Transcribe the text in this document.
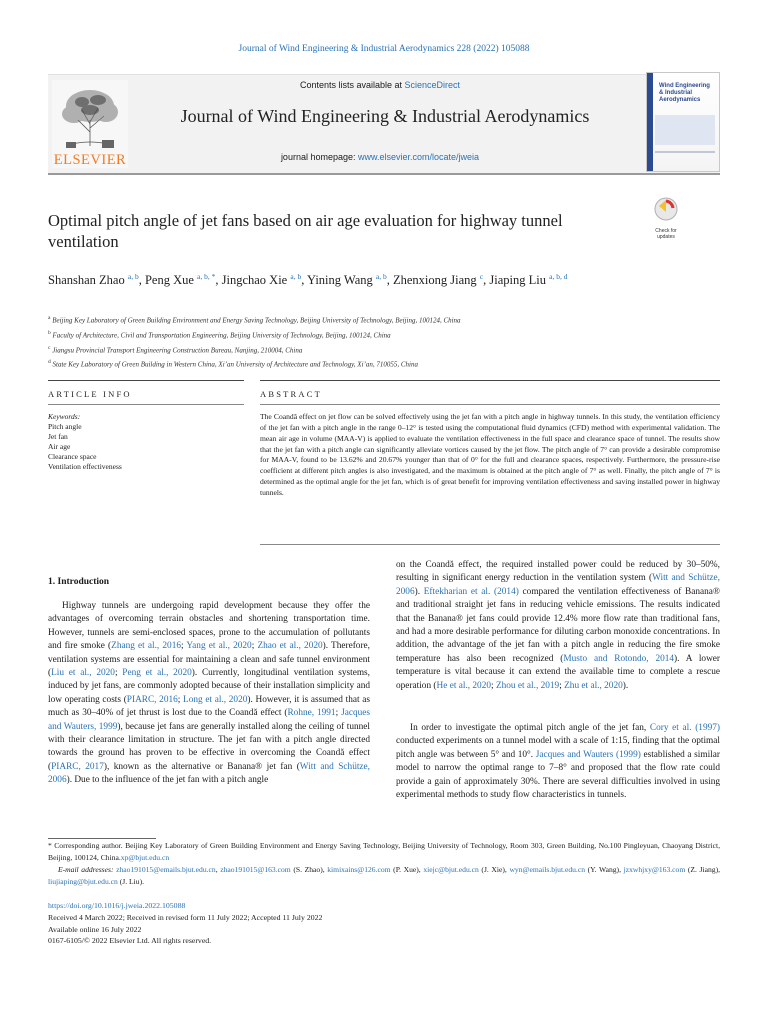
Journal of Wind Engineering & Industrial Aerodynamics 228 (2022) 105088
ELSEVIER
Contents lists available at ScienceDirect
Journal of Wind Engineering & Industrial Aerodynamics
journal homepage: www.elsevier.com/locate/jweia
Wind Engineering & Industrial Aerodynamics
Optimal pitch angle of jet fans based on air age evaluation for highway tunnel ventilation
Check for updates
Shanshan Zhao $^{a, b}$, Peng Xue $^{a, b, *}$, Jingchao Xie $^{a, b}$, Yining Wang $^{a, b}$, Zhenxiong Jiang $^c$, Jiaping Liu $^{a, b, d}$
$^a$ Beijing Key Laboratory of Green Building Environment and Energy Saving Technology, Beijing University of Technology, Beijing, 100124, China
$^b$ Faculty of Architecture, Civil and Transportation Engineering, Beijing University of Technology, Beijing, 100124, China
$^c$ Jiangsu Provincial Transport Engineering Construction Bureau, Nanjing, 210004, China
$^d$ State Key Laboratory of Green Building in Western China, Xi’an University of Architecture and Technology, Xi’an, 710055, China
ARTICLE INFO	ABSTRACT
Keywords:
Pitch angle
Jet fan
Air age
Clearance space
Ventilation effectiveness

The Coandă effect on jet flow can be solved effectively using the jet fan with a pitch angle in highway tunnels. In this study, the ventilation efficiency of the jet fan with a pitch angle in the range 0–12° is tested using the computational fluid dynamics (CFD) method with experimental validation. The mean air age in volume (MAA-V) is applied to evaluate the ventilation effectiveness in the full space and clearance space of tunnel. The results show that the jet fan with a pitch angle can significantly alleviate vortices caused by the jet flow. The pitch angle of 7° can provide a desirable compromise for MAA-V, found to be 13.62% and 20.67% younger than that of 0° for the full and clearance spaces, respectively. Furthermore, the pressure-rise coefficient at different pitch angles is also investigated, and the maximum is obtained at the pitch angle of 7° as well. Finally, the pitch angle of 7° is determined as the optimal angle for the jet fan, which is of great benefit for improving ventilation effectiveness and saving installed power in highway tunnels.

1. Introduction

Highway tunnels are undergoing rapid development because they offer the advantages of overcoming terrain obstacles and shortening transportation time. However, tunnels are semi-enclosed spaces, prone to the accumulation of pollutants and fire smoke (Zhang et al., 2016; Yang et al., 2020; Zhao et al., 2020). Therefore, ventilation systems are essential for maintaining a clean and safe tunnel environment (Liu et al., 2020; Peng et al., 2020). Currently, longitudinal ventilation systems, induced by jet fans, are commonly adopted because of their installation simplicity and low operating costs (PIARC, 2016; Long et al., 2020). However, it is assumed that as much as 30–40% of jet thrust is lost due to the Coandă effect (Rohne, 1991; Jacques and Wauters, 1999), because jet fans are generally installed along the ceiling of tunnel with their clearance limitation in structure. The jet fan with a pitch angle directed towards the ground has proven to be effective in overcoming the Coandă effect (PIARC, 2017), known as the alternative or Banana® jet fan (Witt and Schütze, 2006). Due to the influence of the jet fan with a pitch angle

on the Coandă effect, the required installed power could be reduced by 30–50%, resulting in significant energy reduction in the ventilation system (Witt and Schütze, 2006). Eftekharian et al. (2014) compared the ventilation effectiveness of Banana® and traditional straight jet fans in reducing vehicle emissions. The results indicated that the Banana® jet fans could provide 12.4% more flow rate than traditional fans, and had a more desirable performance for diluting carbon monoxide concentrations. In addition, the advantage of the jet fan with a pitch angle in reducing the fire smoke temperature has also been recognized (Musto and Rotondo, 2014). A lower temperature is vital because it can extend the available time to complete a rescue operation (He et al., 2020; Zhou et al., 2019; Zhu et al., 2020).

In order to investigate the optimal pitch angle of the jet fan, Cory et al. (1997) conducted experiments on a tunnel model with a scale of 1:15, finding that the optimal pitch angle was between 5° and 10°. Jacques and Wauters (1999) established a similar model to narrow the optimal range to 7–8° and proposed that the flow rate could provide a gain of approximately 30%. There are several difficulties involved in using experimental methods to study flow characteristics in tunnels.

* Corresponding author. Beijing Key Laboratory of Green Building Environment and Energy Saving Technology, Beijing University of Technology, Room 303, Green Building, No.100 Pingleyuan, Chaoyang District, Beijing, 100124, China.xp@bjut.edu.cn
E-mail addresses: zhao191015@emails.bjut.edu.cn, zhao191015@163.com (S. Zhao), kimixains@126.com (P. Xue), xiejc@bjut.edu.cn (J. Xie), wyn@emails.bjut.edu.cn (Y. Wang), jzxwhjxy@163.com (Z. Jiang), liujiaping@bjut.edu.cn (J. Liu).

https://doi.org/10.1016/j.jweia.2022.105088
Received 4 March 2022; Received in revised form 11 July 2022; Accepted 11 July 2022
Available online 16 July 2022
0167-6105/© 2022 Elsevier Ltd. All rights reserved.
